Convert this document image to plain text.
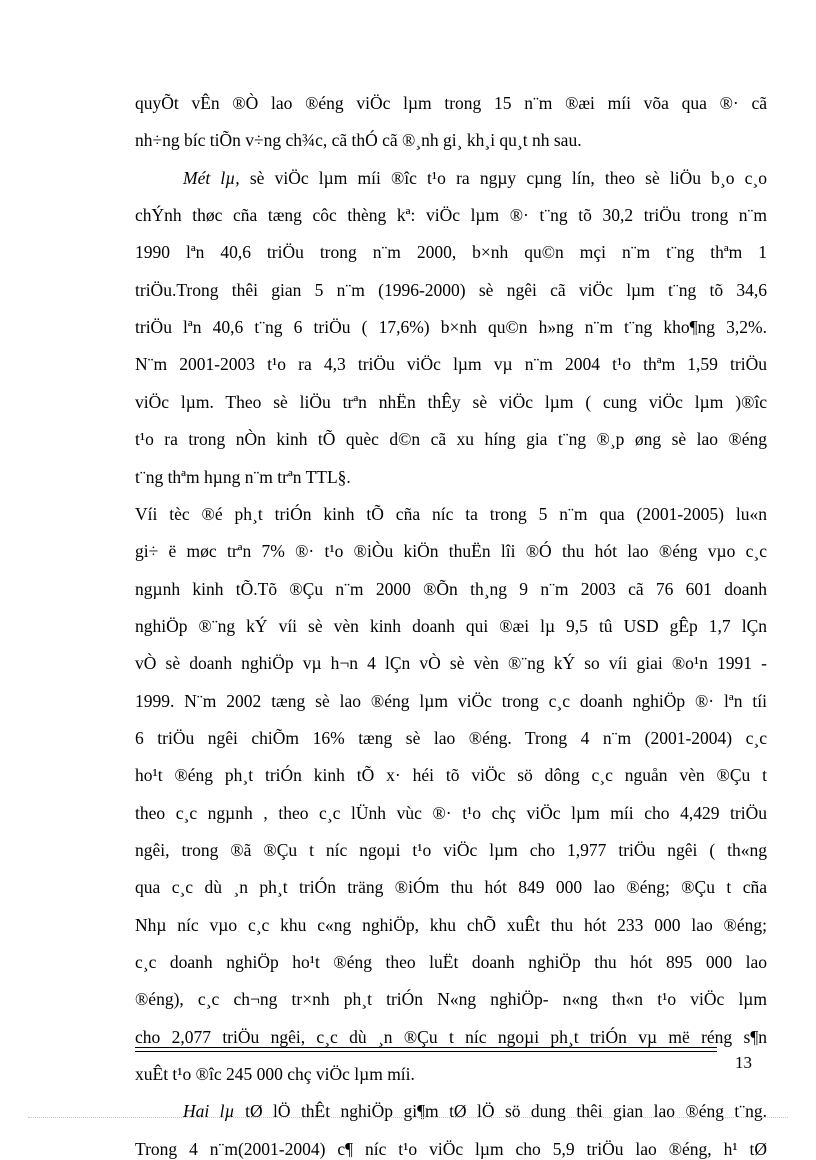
quyÕt vÊn ®Ò lao ®éng viÖc lµm trong 15 n¨m ®æi míi võa qua ®· cã
nh÷ng bíc tiÕn v÷ng ch¾c, cã thÓ cã ®¸nh gi¸ kh¸i qu¸t nh sau.
Mét lµ, sè viÖc lµm míi ®îc t¹o ra ngµy cµng lín, theo sè liÖu b¸o c¸o
chÝnh thøc cña tæng côc thèng kª: viÖc lµm ®· t¨ng tõ 30,2 triÖu trong n¨m
1990 lªn 40,6 triÖu trong n¨m 2000, b×nh qu©n mçi n¨m t¨ng thªm 1
triÖu.Trong thêi gian 5 n¨m (1996-2000) sè ngêi cã viÖc lµm t¨ng tõ 34,6
triÖu lªn 40,6 t¨ng 6 triÖu ( 17,6%) b×nh qu©n h»ng n¨m t¨ng kho¶ng 3,2%.
N¨m 2001-2003 t¹o ra 4,3 triÖu viÖc lµm vµ n¨m 2004 t¹o thªm 1,59 triÖu
viÖc lµm. Theo sè liÖu trªn nhËn thÊy sè viÖc lµm ( cung viÖc lµm )®îc
t¹o ra trong nÒn kinh tÕ quèc d©n cã xu híng gia t¨ng ®¸p øng sè lao ®éng
t¨ng thªm hµng n¨m trªn TTL§.
Víi tèc ®é ph¸t triÓn kinh tÕ cña níc ta trong 5 n¨m qua (2001-2005) lu«n
gi÷ ë møc trªn 7% ®· t¹o ®iÒu kiÖn thuËn lîi ®Ó thu hót lao ®éng vµo c¸c
ngµnh kinh tÕ.Tõ ®Çu n¨m 2000 ®Õn th¸ng 9 n¨m 2003 cã 76 601 doanh
nghiÖp ®¨ng kÝ víi sè vèn kinh doanh qui ®æi lµ 9,5 tû USD gÊp 1,7 lÇn
vÒ sè doanh nghiÖp vµ h¬n 4 lÇn vÒ sè vèn ®¨ng kÝ so víi giai ®o¹n 1991 -
1999. N¨m 2002 tæng sè lao ®éng lµm viÖc trong c¸c doanh nghiÖp ®· lªn tíi
6 triÖu ngêi chiÕm 16% tæng sè lao ®éng. Trong 4 n¨m (2001-2004) c¸c
ho¹t ®éng ph¸t triÓn kinh tÕ x· héi tõ viÖc sö dông c¸c nguån vèn ®Çu t
theo c¸c ngµnh , theo c¸c lÜnh vùc ®· t¹o chç viÖc lµm míi cho 4,429 triÖu
ngêi, trong ®ã ®Çu t níc ngoµi t¹o viÖc lµm cho 1,977 triÖu ngêi ( th«ng
qua c¸c dù ¸n ph¸t triÓn träng ®iÓm thu hót 849 000 lao ®éng; ®Çu t cña
Nhµ níc vµo c¸c khu c«ng nghiÖp, khu chÕ xuÊt thu hót 233 000 lao ®éng;
c¸c doanh nghiÖp ho¹t ®éng theo luËt doanh nghiÖp thu hót 895 000 lao
®éng), c¸c ch¬ng tr×nh ph¸t triÓn N«ng nghiÖp- n«ng th«n t¹o viÖc lµm
cho 2,077 triÖu ngêi, c¸c dù ¸n ®Çu t níc ngoµi ph¸t triÓn vµ më réng s¶n
xuÊt t¹o ®îc 245 000 chç viÖc lµm míi.
Hai lµ tØ lÖ thÊt nghiÖp gi¶m tØ lÖ sö dung thêi gian lao ®éng t¨ng.
Trong 4 n¨m(2001-2004) c¶ níc t¹o viÖc lµm cho 5,9 triÖu lao ®éng, h¹ tØ
13
